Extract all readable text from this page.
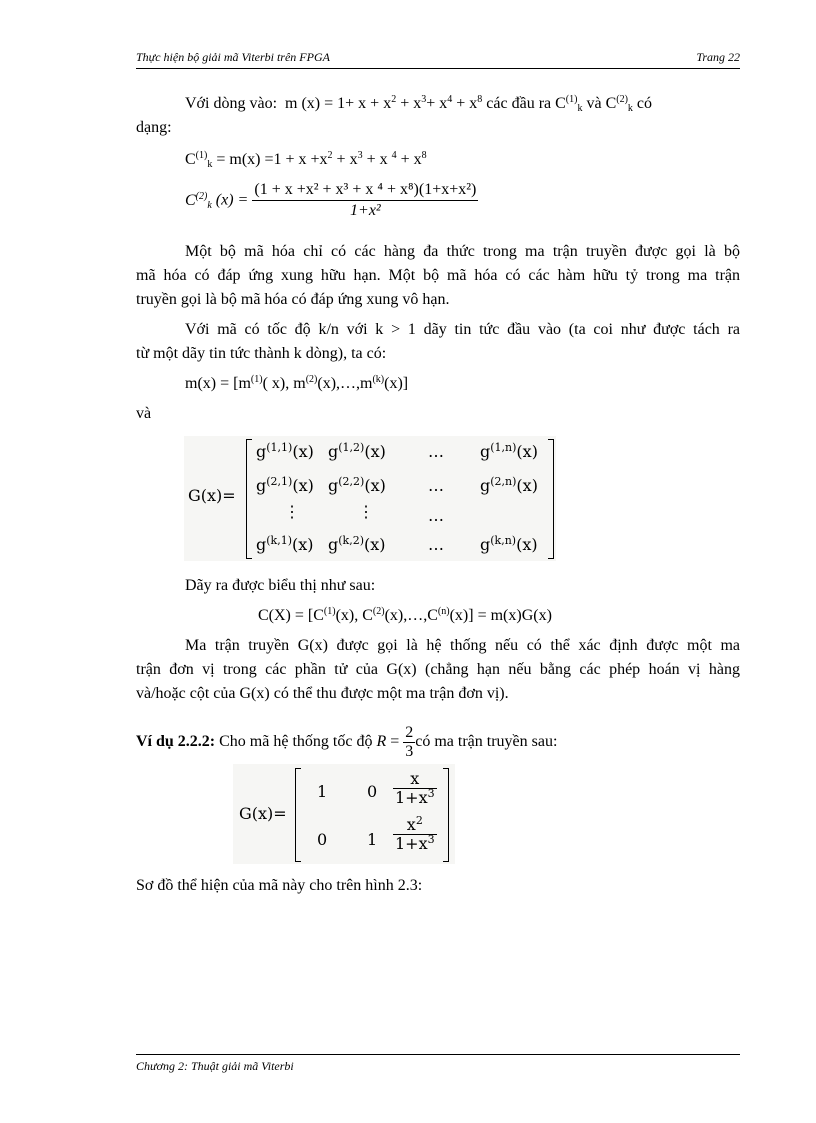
Thực hiện bộ giải mã Viterbi trên FPGA	Trang 22
Với dòng vào: m $(x) = 1+ x + x^2 + x^3+ x^4 + x^8$ các đầu ra $C^{(1)}_k$ và $C^{(2)}_k$ có
dạng:
$C^{(1)}_k = m(x) =1 + x +x^2 + x^3 + x$ $^4 + x^8$
$C^{(2)}_k$ $(x) = \frac{\text{(1 + x +x² + x³ + x ⁴ + x⁸)(1+x+x²)}}{\text{1+x²}}$
Một bộ mã hóa chỉ có các hàng đa thức trong ma trận truyền được gọi là bộ
mã hóa có đáp ứng xung hữu hạn. Một bộ mã hóa có các hàm hữu tỷ trong ma trận
truyền gọi là bộ mã hóa có đáp ứng xung vô hạn.
Với mã có tốc độ k/n với k > 1 dãy tin tức đầu vào (ta coi như được tách ra
từ một dãy tin tức thành k dòng), ta có:
$m(x) = [m^{(1)}$( x), $m^{(2)}(x),\dots,m^{(k)}(x)$]
và
G(x)=
$g^{(1,1)}(x)$ $g^{(1,2)}(x)$	… $g^{(1,n)}(x)$
$g^{(2,1)}(x)$ $g^{(2,2)}(x)$	… $g^{(2,n)}(x)$
⋮	⋮	…
$g^{(k,1)}(x)$ $g^{(k,2)}(x)$	… $g^{(k,n)}(x)$
Dãy ra được biểu thị như sau:
$C(X) = [C^{(1)}(x)$, $C^{(2)}(x),\dots,C^{(n)}(x)] = m(x)G(x)$
Ma trận truyền G(x) được gọi là hệ thống nếu có thể xác định được một ma
trận đơn vị trong các phần tử của G(x) (chẳng hạn nếu bằng các phép hoán vị hàng
và/hoặc cột của G(x) có thể thu được một ma trận đơn vị).
Ví dụ 2.2.2: Cho mã hệ thống tốc độ $R = \frac{2}{3}$ có ma trận truyền sau:
G(x)=
1 $0 \frac{x}{1+x^3}$
0 $1 \frac{x^2}{1+x^3}$
Sơ đồ thể hiện của mã này cho trên hình 2.3:
Chương 2: Thuật giải mã Viterbi
